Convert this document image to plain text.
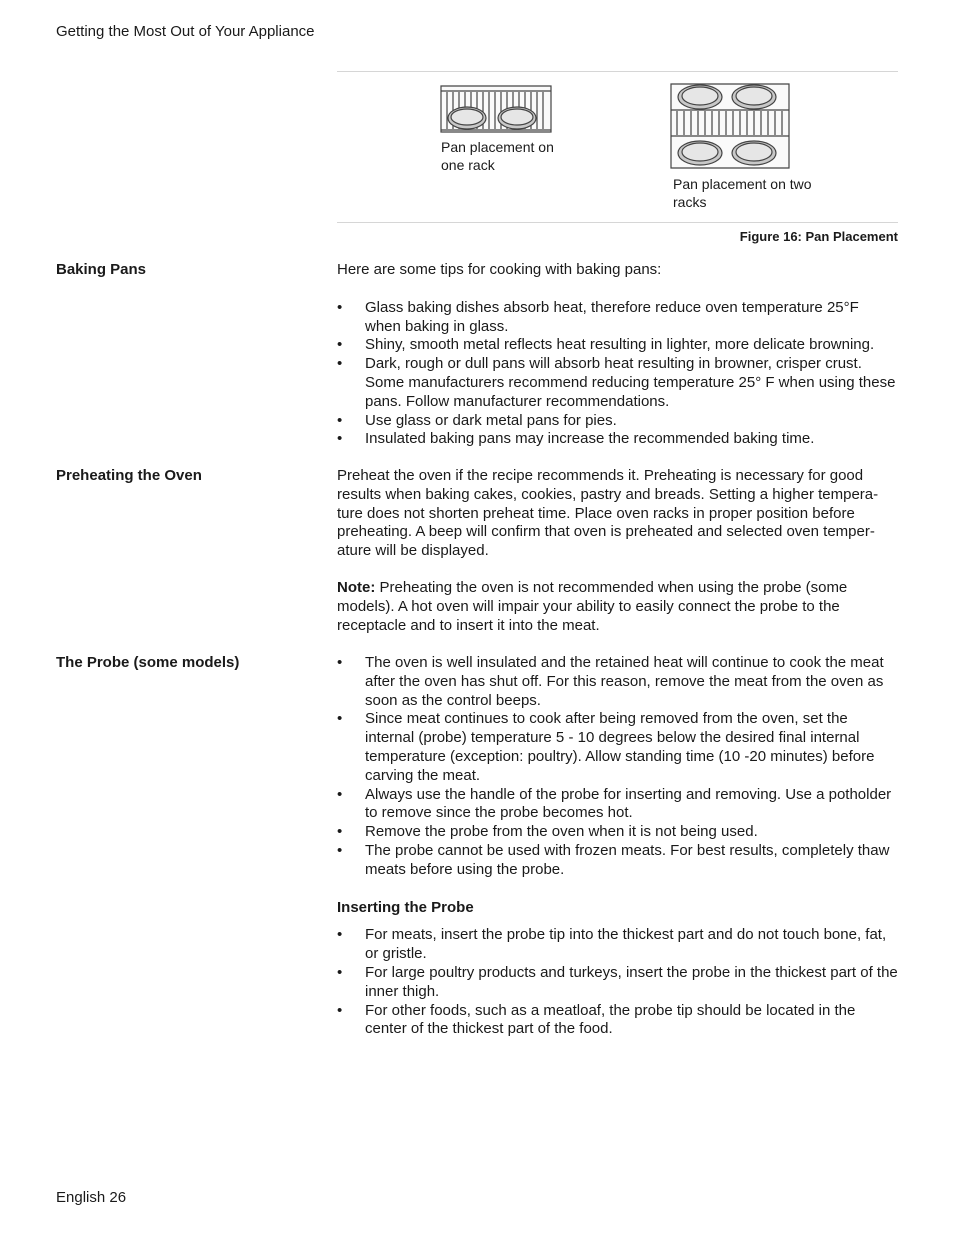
Getting the Most Out of Your Appliance
Pan placement on one rack
Pan placement on two racks
Figure 16: Pan Placement
Baking Pans	Here are some tips for cooking with baking pans:

• Glass baking dishes absorb heat, therefore reduce oven temperature 25°F when baking in glass.
• Shiny, smooth metal reflects heat resulting in lighter, more delicate browning.
• Dark, rough or dull pans will absorb heat resulting in browner, crisper crust. Some manufacturers recommend reducing temperature 25° F when using these pans. Follow manufacturer recommendations.
• Use glass or dark metal pans for pies.
• Insulated baking pans may increase the recommended baking time.
Preheating the Oven	Preheat the oven if the recipe recommends it. Preheating is necessary for good results when baking cakes, cookies, pastry and breads. Setting a higher tempera-ture does not shorten preheat time. Place oven racks in proper position before preheating. A beep will confirm that oven is preheated and selected oven temper-ature will be displayed.

Note: Preheating the oven is not recommended when using the probe (some models). A hot oven will impair your ability to easily connect the probe to the receptacle and to insert it into the meat.

The Probe (some models)	• The oven is well insulated and the retained heat will continue to cook the meat after the oven has shut off. For this reason, remove the meat from the oven as soon as the control beeps.
• Since meat continues to cook after being removed from the oven, set the internal (probe) temperature 5 - 10 degrees below the desired final internal temperature (exception: poultry). Allow standing time (10 -20 minutes) before carving the meat.
• Always use the handle of the probe for inserting and removing. Use a potholder to remove since the probe becomes hot.
• Remove the probe from the oven when it is not being used.
• The probe cannot be used with frozen meats. For best results, completely thaw meats before using the probe.

Inserting the Probe

• For meats, insert the probe tip into the thickest part and do not touch bone, fat, or gristle.
• For large poultry products and turkeys, insert the probe in the thickest part of the inner thigh.
• For other foods, such as a meatloaf, the probe tip should be located in the center of the thickest part of the food.
English 26
